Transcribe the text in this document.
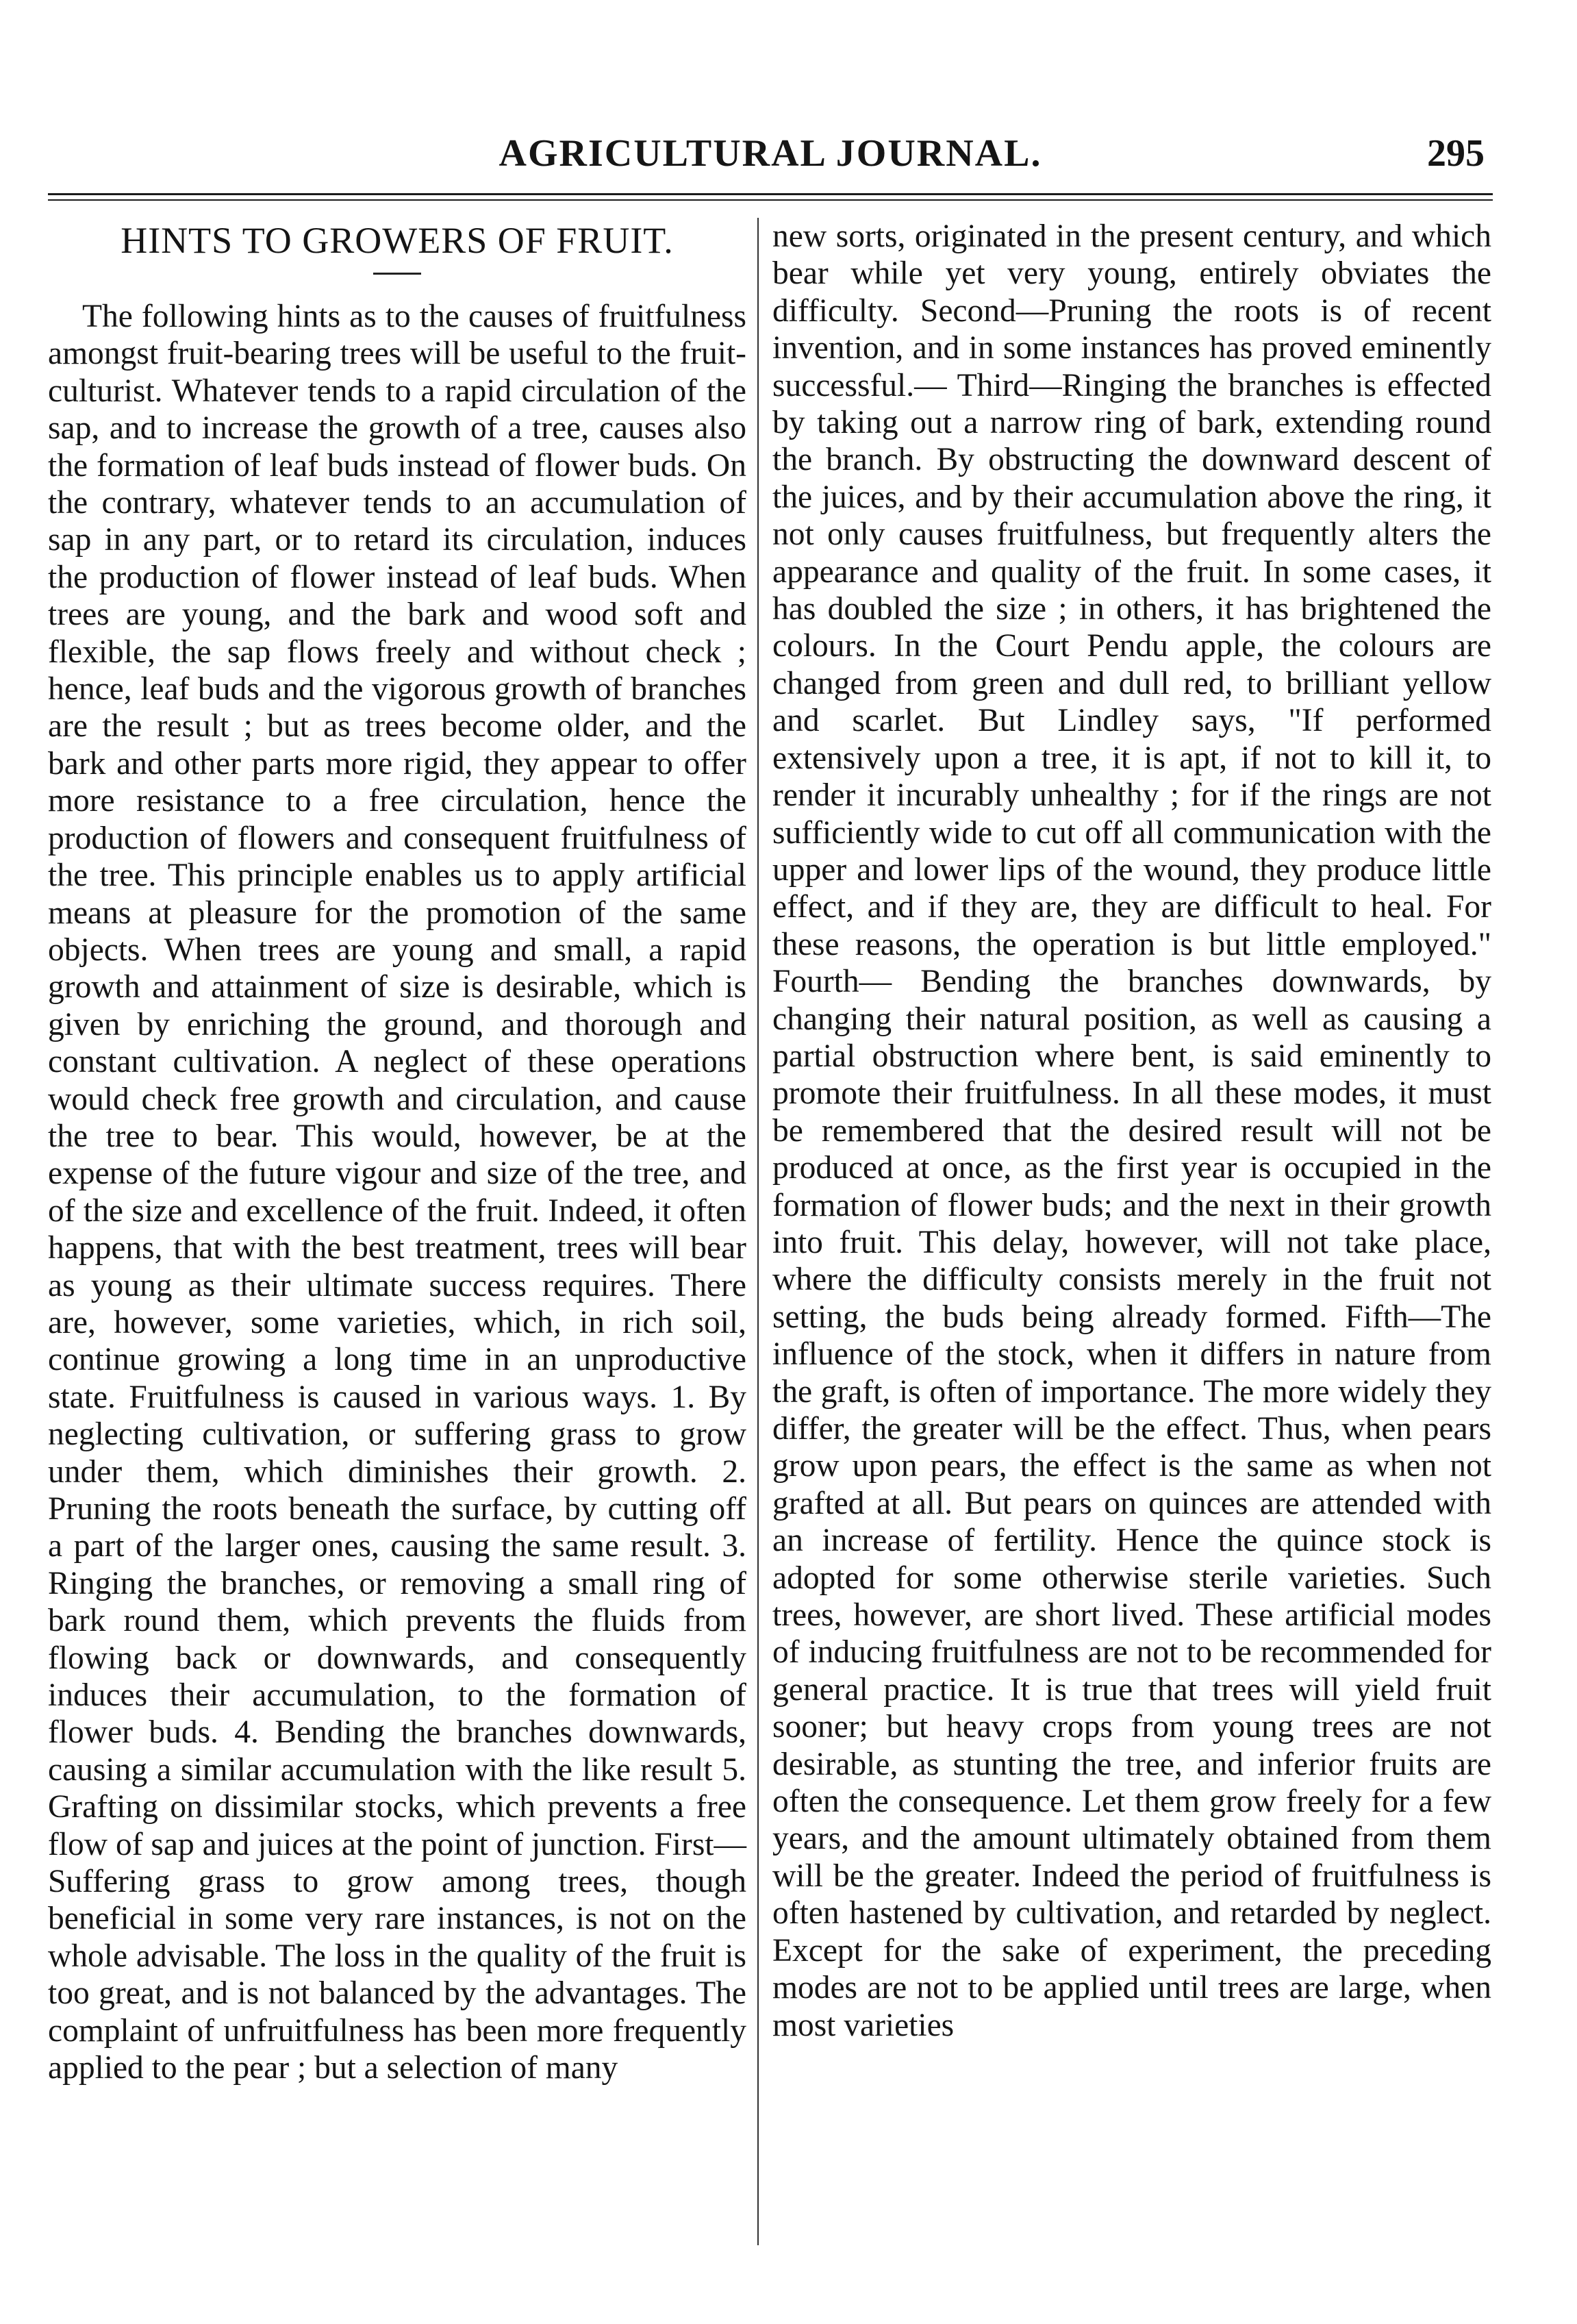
AGRICULTURAL JOURNAL.	295
HINTS TO GROWERS OF FRUIT.

The following hints as to the causes of fruitfulness amongst fruit-bearing trees will be useful to the fruit-culturist. Whatever tends to a rapid circulation of the sap, and to increase the growth of a tree, causes also the formation of leaf buds instead of flower buds. On the contrary, whatever tends to an accumulation of sap in any part, or to retard its circulation, induces the production of flower instead of leaf buds. When trees are young, and the bark and wood soft and flexible, the sap flows freely and without check ; hence, leaf buds and the vigorous growth of branches are the result ; but as trees become older, and the bark and other parts more rigid, they appear to offer more resistance to a free circulation, hence the production of flowers and consequent fruitfulness of the tree. This principle enables us to apply artificial means at pleasure for the promotion of the same objects. When trees are young and small, a rapid growth and attainment of size is desirable, which is given by enriching the ground, and thorough and constant cultivation. A neglect of these operations would check free growth and circulation, and cause the tree to bear. This would, however, be at the expense of the future vigour and size of the tree, and of the size and excellence of the fruit. Indeed, it often happens, that with the best treatment, trees will bear as young as their ultimate success requires. There are, however, some varieties, which, in rich soil, continue growing a long time in an unproductive state. Fruitfulness is caused in various ways. 1. By neglecting cultivation, or suffering grass to grow under them, which diminishes their growth. 2. Pruning the roots beneath the surface, by cutting off a part of the larger ones, causing the same result. 3. Ringing the branches, or removing a small ring of bark round them, which prevents the fluids from flowing back or downwards, and consequently induces their accumulation, to the formation of flower buds. 4. Bending the branches downwards, causing a similar accumulation with the like result 5. Grafting on dissimilar stocks, which prevents a free flow of sap and juices at the point of junction. First—Suffering grass to grow among trees, though beneficial in some very rare instances, is not on the whole advisable. The loss in the quality of the fruit is too great, and is not balanced by the advantages. The complaint of unfruitfulness has been more frequently applied to the pear ; but a selection of many

new sorts, originated in the present century, and which bear while yet very young, entirely obviates the difficulty. Second—Pruning the roots is of recent invention, and in some instances has proved eminently successful.— Third—Ringing the branches is effected by taking out a narrow ring of bark, extending round the branch. By obstructing the downward descent of the juices, and by their accumulation above the ring, it not only causes fruitfulness, but frequently alters the appearance and quality of the fruit. In some cases, it has doubled the size ; in others, it has brightened the colours. In the Court Pendu apple, the colours are changed from green and dull red, to brilliant yellow and scarlet. But Lindley says, "If performed extensively upon a tree, it is apt, if not to kill it, to render it incurably unhealthy ; for if the rings are not sufficiently wide to cut off all communication with the upper and lower lips of the wound, they produce little effect, and if they are, they are difficult to heal. For these reasons, the operation is but little employed." Fourth— Bending the branches downwards, by changing their natural position, as well as causing a partial obstruction where bent, is said eminently to promote their fruitfulness. In all these modes, it must be remembered that the desired result will not be produced at once, as the first year is occupied in the formation of flower buds; and the next in their growth into fruit. This delay, however, will not take place, where the difficulty consists merely in the fruit not setting, the buds being already formed. Fifth—The influence of the stock, when it differs in nature from the graft, is often of importance. The more widely they differ, the greater will be the effect. Thus, when pears grow upon pears, the effect is the same as when not grafted at all. But pears on quinces are attended with an increase of fertility. Hence the quince stock is adopted for some otherwise sterile varieties. Such trees, however, are short lived. These artificial modes of inducing fruitfulness are not to be recommended for general practice. It is true that trees will yield fruit sooner; but heavy crops from young trees are not desirable, as stunting the tree, and inferior fruits are often the consequence. Let them grow freely for a few years, and the amount ultimately obtained from them will be the greater. Indeed the period of fruitfulness is often hastened by cultivation, and retarded by neglect. Except for the sake of experiment, the preceding modes are not to be applied until trees are large, when most varieties
